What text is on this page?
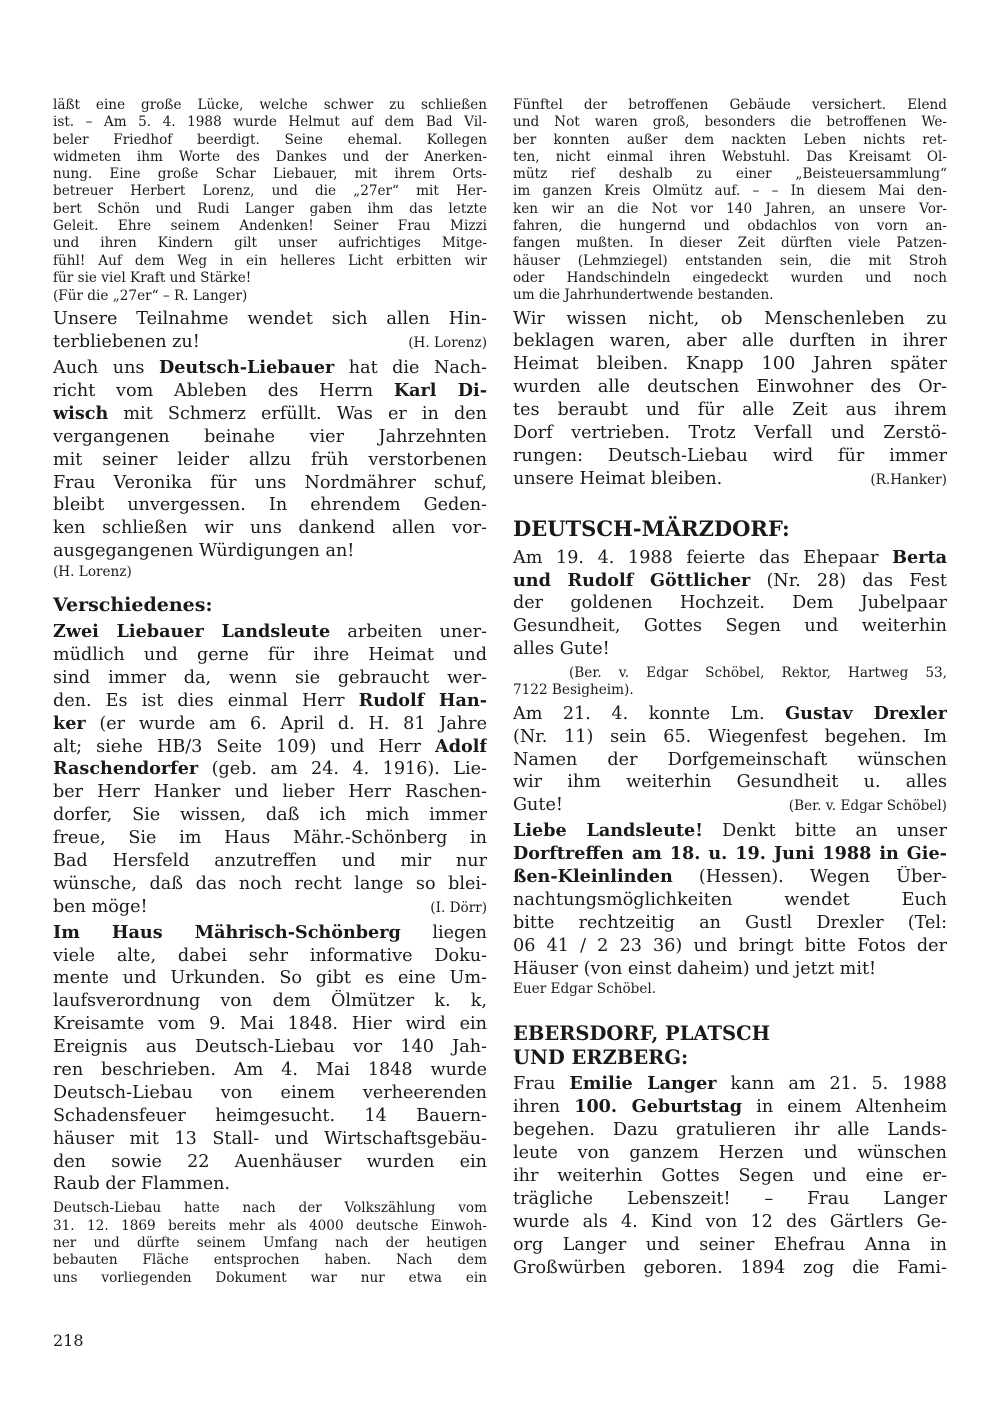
läßt eine große Lücke, welche schwer zu schließen
ist. – Am 5. 4. 1988 wurde Helmut auf dem Bad Vil-
beler Friedhof beerdigt. Seine ehemal. Kollegen
widmeten ihm Worte des Dankes und der Anerken-
nung. Eine große Schar Liebauer, mit ihrem Orts-
betreuer Herbert Lorenz, und die „27er“ mit Her-
bert Schön und Rudi Langer gaben ihm das letzte
Geleit. Ehre seinem Andenken! Seiner Frau Mizzi
und ihren Kindern gilt unser aufrichtiges Mitge-
fühl! Auf dem Weg in ein helleres Licht erbitten wir
für sie viel Kraft und Stärke!
(Für die „27er“ – R. Langer)
Unsere Teilnahme wendet sich allen Hin-
terbliebenen zu!	(H. Lorenz)
Auch uns Deutsch-Liebauer hat die Nach-
richt vom Ableben des Herrn Karl Di-
wisch mit Schmerz erfüllt. Was er in den
vergangenen beinahe vier Jahrzehnten
mit seiner leider allzu früh verstorbenen
Frau Veronika für uns Nordmährer schuf,
bleibt unvergessen. In ehrendem Geden-
ken schließen wir uns dankend allen vor-
ausgegangenen Würdigungen an!
(H. Lorenz)
Verschiedenes:
Zwei Liebauer Landsleute arbeiten uner-
müdlich und gerne für ihre Heimat und
sind immer da, wenn sie gebraucht wer-
den. Es ist dies einmal Herr Rudolf Han-
ker (er wurde am 6. April d. H. 81 Jahre
alt; siehe HB/3 Seite 109) und Herr Adolf
Raschendorfer (geb. am 24. 4. 1916). Lie-
ber Herr Hanker und lieber Herr Raschen-
dorfer, Sie wissen, daß ich mich immer
freue, Sie im Haus Mähr.-Schönberg in
Bad Hersfeld anzutreffen und mir nur
wünsche, daß das noch recht lange so blei-
ben möge!	(I. Dörr)
Im Haus Mährisch-Schönberg liegen
viele alte, dabei sehr informative Doku-
mente und Urkunden. So gibt es eine Um-
laufsverordnung von dem Ölmützer k. k,
Kreisamte vom 9. Mai 1848. Hier wird ein
Ereignis aus Deutsch-Liebau vor 140 Jah-
ren beschrieben. Am 4. Mai 1848 wurde
Deutsch-Liebau von einem verheerenden
Schadensfeuer heimgesucht. 14 Bauern-
häuser mit 13 Stall- und Wirtschaftsgebäu-
den sowie 22 Auenhäuser wurden ein
Raub der Flammen.
Deutsch-Liebau hatte nach der Volkszählung vom
31. 12. 1869 bereits mehr als 4000 deutsche Einwoh-
ner und dürfte seinem Umfang nach der heutigen
bebauten Fläche entsprochen haben. Nach dem
uns vorliegenden Dokument war nur etwa ein
Fünftel der betroffenen Gebäude versichert. Elend
und Not waren groß, besonders die betroffenen We-
ber konnten außer dem nackten Leben nichts ret-
ten, nicht einmal ihren Webstuhl. Das Kreisamt Ol-
mütz rief deshalb zu einer „Beisteuersammlung“
im ganzen Kreis Olmütz auf. – – In diesem Mai den-
ken wir an die Not vor 140 Jahren, an unsere Vor-
fahren, die hungernd und obdachlos von vorn an-
fangen mußten. In dieser Zeit dürften viele Patzen-
häuser (Lehmziegel) entstanden sein, die mit Stroh
oder Handschindeln eingedeckt wurden und noch
um die Jahrhundertwende bestanden.
Wir wissen nicht, ob Menschenleben zu
beklagen waren, aber alle durften in ihrer
Heimat bleiben. Knapp 100 Jahren später
wurden alle deutschen Einwohner des Or-
tes beraubt und für alle Zeit aus ihrem
Dorf vertrieben. Trotz Verfall und Zerstö-
rungen: Deutsch-Liebau wird für immer
unsere Heimat bleiben.	(R.Hanker)
DEUTSCH-MÄRZDORF:
Am 19. 4. 1988 feierte das Ehepaar Berta
und Rudolf Göttlicher (Nr. 28) das Fest
der goldenen Hochzeit. Dem Jubelpaar
Gesundheit, Gottes Segen und weiterhin
alles Gute!
(Ber. v. Edgar Schöbel, Rektor, Hartweg 53,
7122 Besigheim).
Am 21. 4. konnte Lm. Gustav Drexler
(Nr. 11) sein 65. Wiegenfest begehen. Im
Namen der Dorfgemeinschaft wünschen
wir ihm weiterhin Gesundheit u. alles
Gute!	(Ber. v. Edgar Schöbel)
Liebe Landsleute! Denkt bitte an unser
Dorftreffen am 18. u. 19. Juni 1988 in Gie-
ßen-Kleinlinden (Hessen). Wegen Über-
nachtungsmöglichkeiten wendet Euch
bitte rechtzeitig an Gustl Drexler (Tel:
06 41 / 2 23 36) und bringt bitte Fotos der
Häuser (von einst daheim) und jetzt mit!
Euer Edgar Schöbel.
EBERSDORF, PLATSCH
UND ERZBERG:
Frau Emilie Langer kann am 21. 5. 1988
ihren 100. Geburtstag in einem Altenheim
begehen. Dazu gratulieren ihr alle Lands-
leute von ganzem Herzen und wünschen
ihr weiterhin Gottes Segen und eine er-
trägliche Lebenszeit! – Frau Langer
wurde als 4. Kind von 12 des Gärtlers Ge-
org Langer und seiner Ehefrau Anna in
Großwürben geboren. 1894 zog die Fami-
218
